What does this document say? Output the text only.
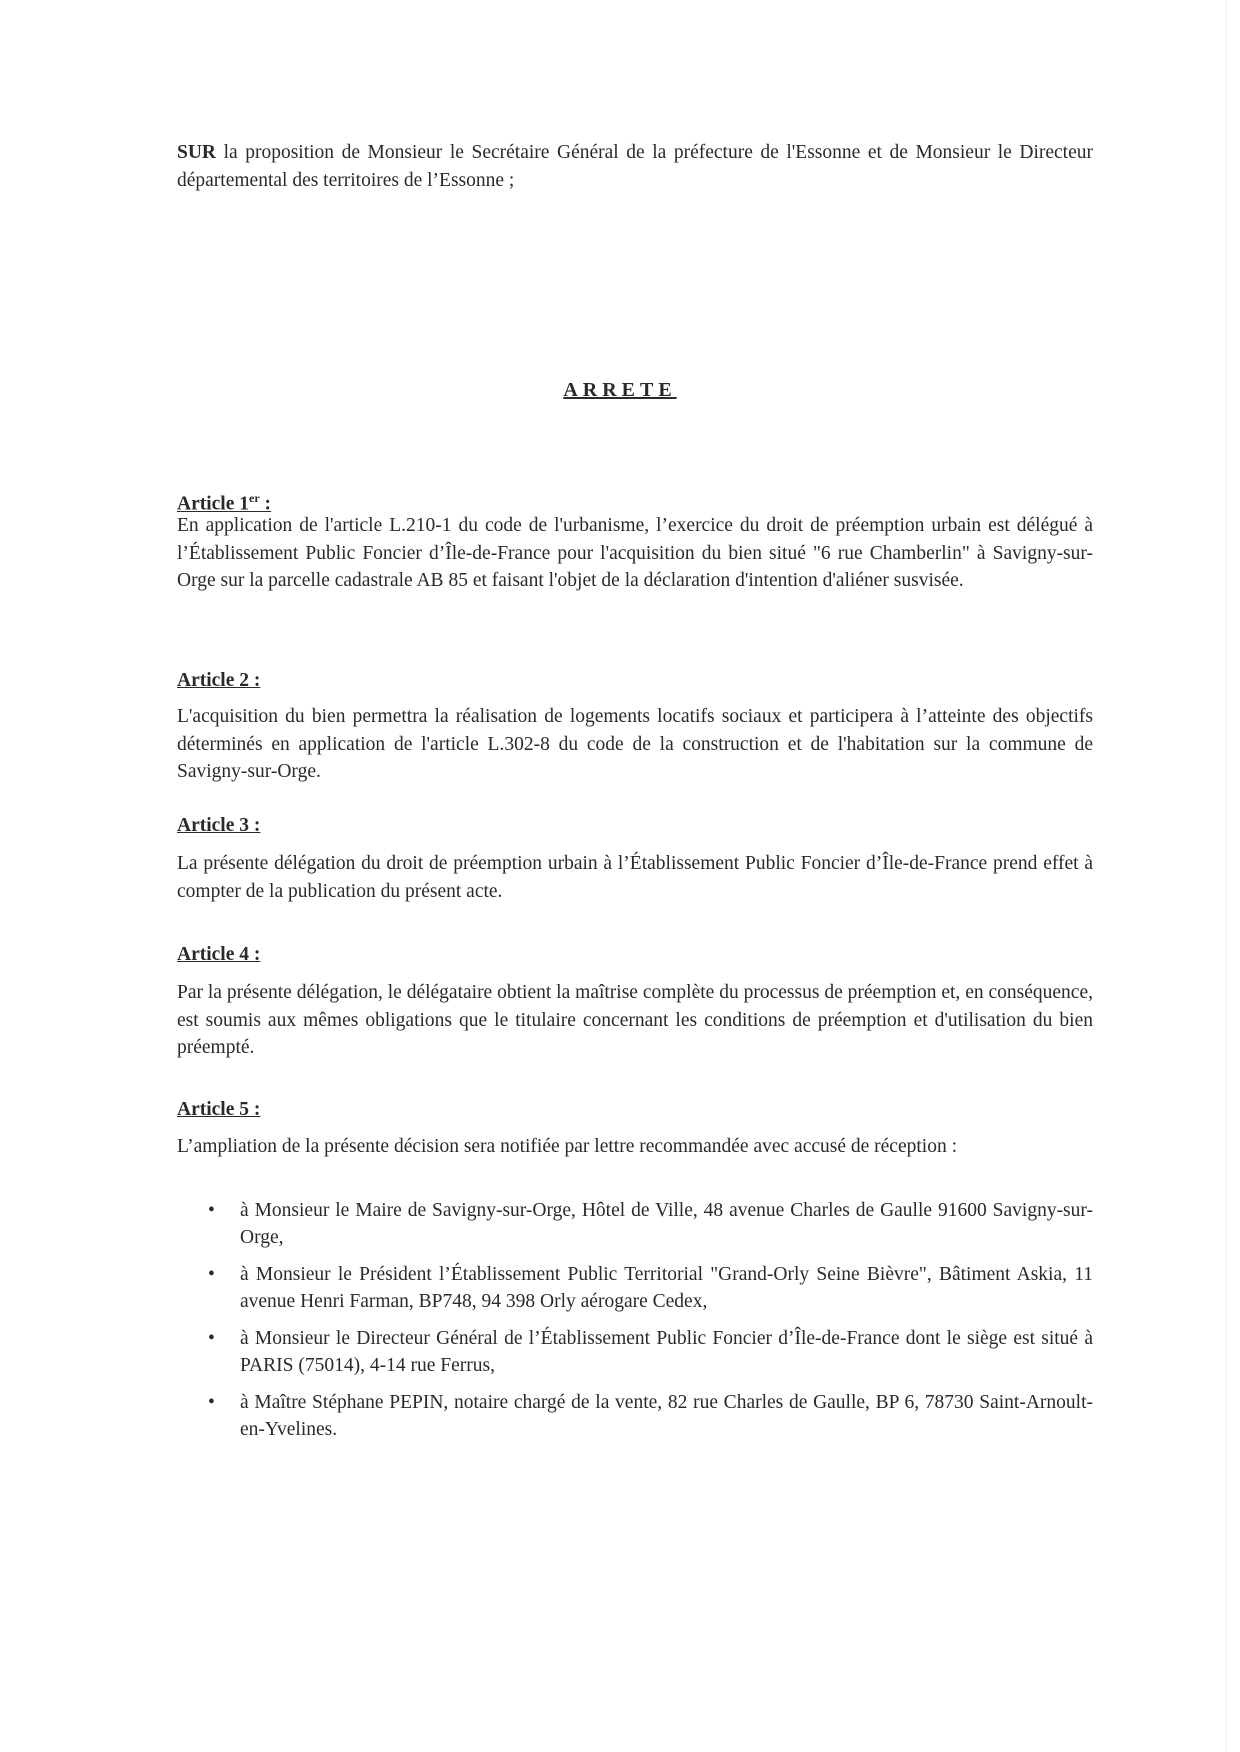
SUR la proposition de Monsieur le Secrétaire Général de la préfecture de l'Essonne et de Monsieur le Directeur départemental des territoires de l’Essonne ;

ARRETE
Article 1er :

En application de l'article L.210-1 du code de l'urbanisme, l’exercice du droit de préemption urbain est délégué à l’Établissement Public Foncier d’Île-de-France pour l'acquisition du bien situé "6 rue Chamberlin" à Savigny-sur-Orge sur la parcelle cadastrale AB 85 et faisant l'objet de la déclaration d'intention d'aliéner susvisée.

Article 2 :

L'acquisition du bien permettra la réalisation de logements locatifs sociaux et participera à l’atteinte des objectifs déterminés en application de l'article L.302-8 du code de la construction et de l'habitation sur la commune de Savigny-sur-Orge.

Article 3 :

La présente délégation du droit de préemption urbain à l’Établissement Public Foncier d’Île-de-France prend effet à compter de la publication du présent acte.

Article 4 :

Par la présente délégation, le délégataire obtient la maîtrise complète du processus de préemption et, en conséquence, est soumis aux mêmes obligations que le titulaire concernant les conditions de préemption et d'utilisation du bien préempté.

Article 5 :

L’ampliation de la présente décision sera notifiée par lettre recommandée avec accusé de réception :

• à Monsieur le Maire de Savigny-sur-Orge, Hôtel de Ville, 48 avenue Charles de Gaulle 91600 Savigny-sur-Orge,
• à Monsieur le Président l’Établissement Public Territorial "Grand-Orly Seine Bièvre", Bâtiment Askia, 11 avenue Henri Farman, BP748, 94 398 Orly aérogare Cedex,
• à Monsieur le Directeur Général de l’Établissement Public Foncier d’Île-de-France dont le siège est situé à PARIS (75014), 4-14 rue Ferrus,
• à Maître Stéphane PEPIN, notaire chargé de la vente, 82 rue Charles de Gaulle, BP 6, 78730 Saint-Arnoult-en-Yvelines.
